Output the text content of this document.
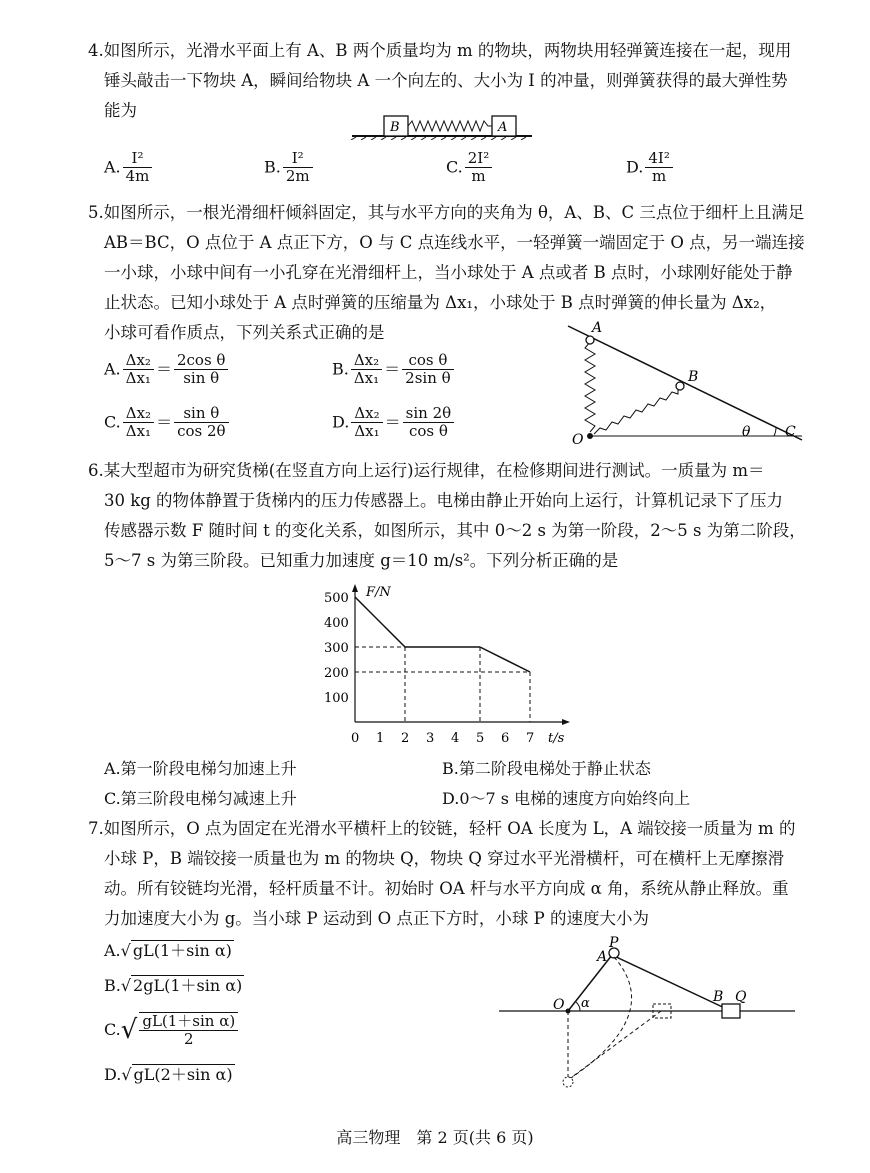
4.如图所示，光滑水平面上有 A、B 两个质量均为 m 的物块，两物块用轻弹簧连接在一起，现用
锤头敲击一下物块 A，瞬间给物块 A 一个向左的、大小为 I 的冲量，则弹簧获得的最大弹性势
能为
B	A
A. $\frac{\text{I²}}{4m}$	B. $\frac{\text{I²}}{2m}$	C. $\frac{\text{2I²}}{m}$	D. $\frac{\text{4I²}}{m}$
5.如图所示，一根光滑细杆倾斜固定，其与水平方向的夹角为 θ，A、B、C 三点位于细杆上且满足
AB＝BC，O 点位于 A 点正下方，O 与 C 点连线水平，一轻弹簧一端固定于 O 点，另一端连接
一小球，小球中间有一小孔穿在光滑细杆上，当小球处于 A 点或者 B 点时，小球刚好能处于静
止状态。已知小球处于 A 点时弹簧的压缩量为 Δx₁，小球处于 B 点时弹簧的伸长量为 Δx₂，
小球可看作质点，下列关系式正确的是	A
B
O	C
θ
A. $\frac{\text{Δx₂}}{\text{Δx₁}} = \frac{\text{2cos θ}}{\text{sin θ}}$	B. $\frac{\text{Δx₂}}{\text{Δx₁}} = \frac{\text{cos θ}}{\text{2sin θ}}$
C. $\frac{\text{Δx₂}}{\text{Δx₁}} = \frac{\text{sin θ}}{\cos 2\theta}$	D. $\frac{\text{Δx₂}}{\text{Δx₁}} = \frac{\sin 2\theta}{\text{cos θ}}$
6.某大型超市为研究货梯(在竖直方向上运行)运行规律，在检修期间进行测试。一质量为 m＝
30 kg 的物体静置于货梯内的压力传感器上。电梯由静止开始向上运行，计算机记录下了压力
传感器示数 F 随时间 t 的变化关系，如图所示，其中 0～2 s 为第一阶段，2～5 s 为第二阶段，
5～7 s 为第三阶段。已知重力加速度 g＝10 m/s²。下列分析正确的是
0 1 2 3 4 5 6 7
100
200
300
400
500 F/N
t/s
A.第一阶段电梯匀加速上升	B.第二阶段电梯处于静止状态
C.第三阶段电梯匀减速上升	D.0～7 s 电梯的速度方向始终向上
7.如图所示，O 点为固定在光滑水平横杆上的铰链，轻杆 OA 长度为 L，A 端铰接一质量为 m 的
小球 P，B 端铰接一质量也为 m 的物块 Q，物块 Q 穿过水平光滑横杆，可在横杆上无摩擦滑
动。所有铰链均光滑，轻杆质量不计。初始时 OA 杆与水平方向成 α 角，系统从静止释放。重
力加速度大小为 g。当小球 P 运动到 O 点正下方时，小球 P 的速度大小为
A.√ gL(1＋sin α)
B.√ 2gL(1＋sin α)
$C.√ \frac{\text{gL(1＋sin α)}}{2}$
D.√ gL(2＋sin α)
P
A
O α	B Q
高三物理　第 2 页(共 6 页)
